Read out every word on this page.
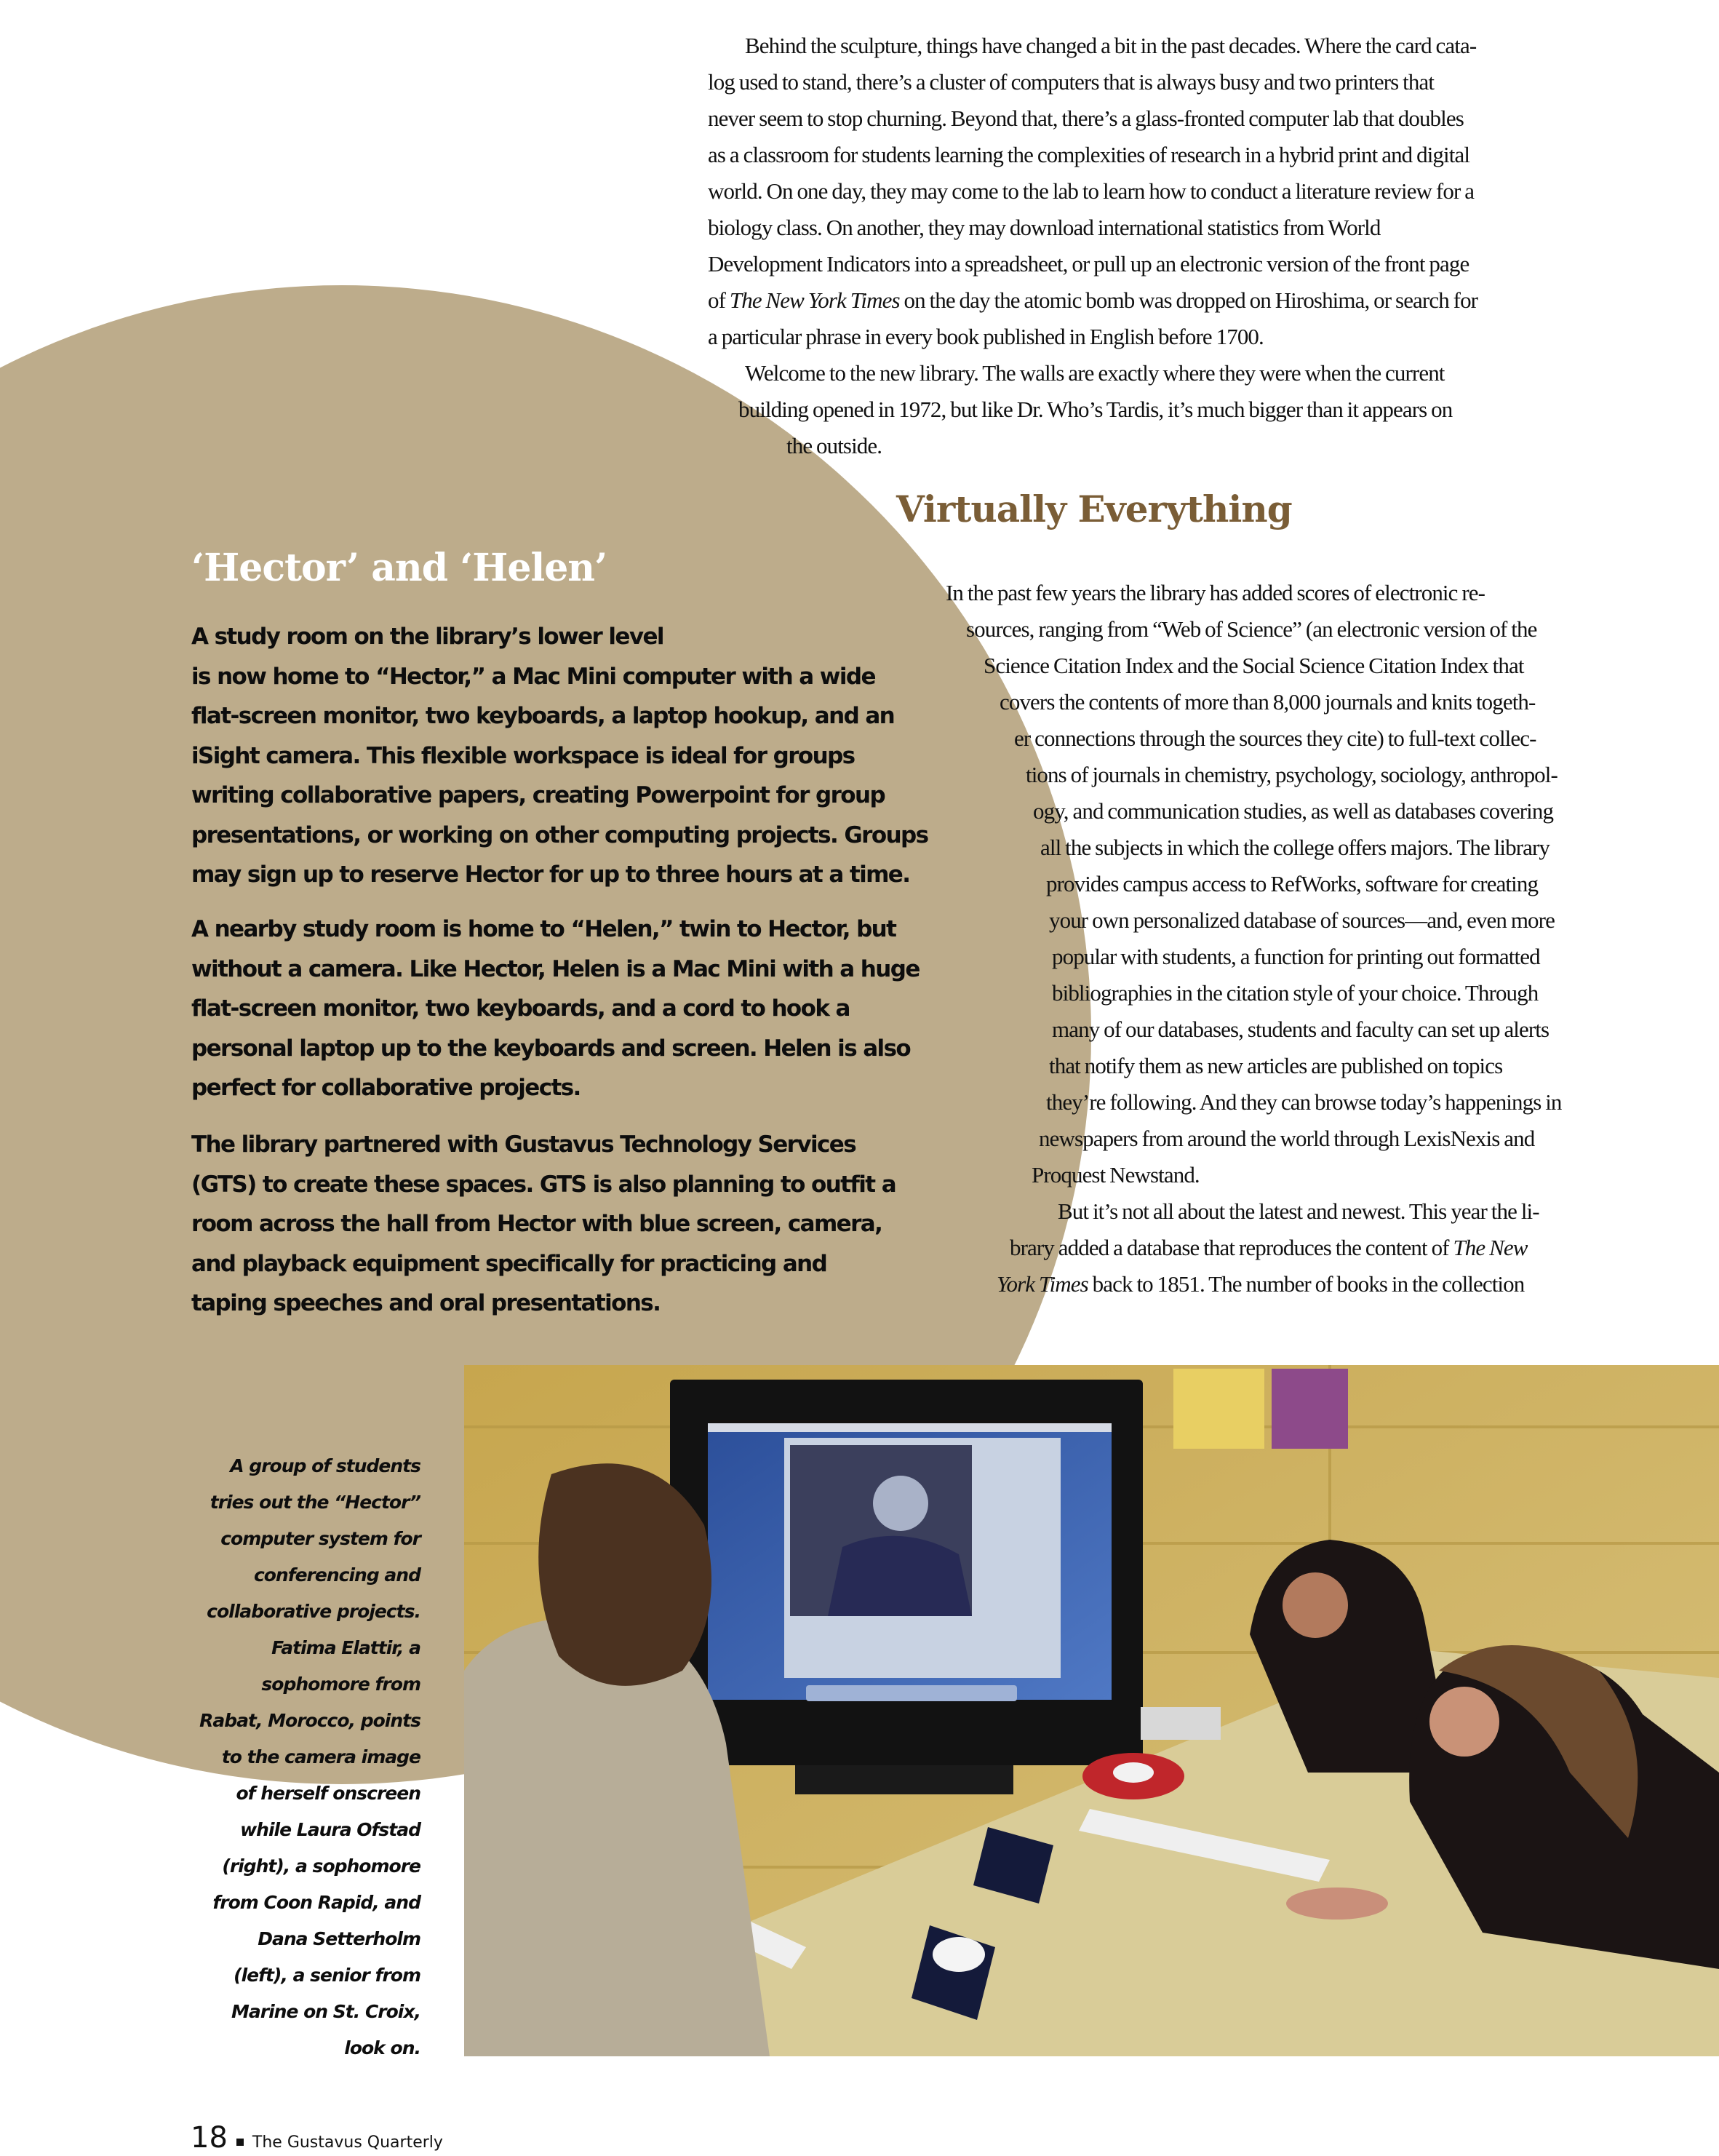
Behind the sculpture, things have changed a bit in the past decades. Where the card cata-
log used to stand, there’s a cluster of computers that is always busy and two printers that
never seem to stop churning. Beyond that, there’s a glass-fronted computer lab that doubles
as a classroom for students learning the complexities of research in a hybrid print and digital
world. On one day, they may come to the lab to learn how to conduct a literature review for a
biology class. On another, they may download international statistics from World
Development Indicators into a spreadsheet, or pull up an electronic version of the front page
of The New York Times on the day the atomic bomb was dropped on Hiroshima, or search for
a particular phrase in every book published in English before 1700.
Welcome to the new library. The walls are exactly where they were when the current
building opened in 1972, but like Dr. Who’s Tardis, it’s much bigger than it appears on
the outside.
Virtually Everything
In the past few years the library has added scores of electronic re-
sources, ranging from “Web of Science” (an electronic version of the
Science Citation Index and the Social Science Citation Index that
covers the contents of more than 8,000 journals and knits togeth-
er connections through the sources they cite) to full-text collec-
tions of journals in chemistry, psychology, sociology, anthropol-
ogy, and communication studies, as well as databases covering
all the subjects in which the college offers majors. The library
provides campus access to RefWorks, software for creating
your own personalized database of sources—and, even more
popular with students, a function for printing out formatted
bibliographies in the citation style of your choice. Through
many of our databases, students and faculty can set up alerts
that notify them as new articles are published on topics
they’re following. And they can browse today’s happenings in
newspapers from around the world through LexisNexis and
Proquest Newstand.
But it’s not all about the latest and newest. This year the li-
brary added a database that reproduces the content of The New
York Times back to 1851. The number of books in the collection
‘Hector’ and ‘Helen’
A study room on the library’s lower level
is now home to “Hector,” a Mac Mini computer with a wide
flat-screen monitor, two keyboards, a laptop hookup, and an
iSight camera. This flexible workspace is ideal for groups
writing collaborative papers, creating Powerpoint for group
presentations, or working on other computing projects. Groups
may sign up to reserve Hector for up to three hours at a time.
A nearby study room is home to “Helen,” twin to Hector, but
without a camera. Like Hector, Helen is a Mac Mini with a huge
flat-screen monitor, two keyboards, and a cord to hook a
personal laptop up to the keyboards and screen. Helen is also
perfect for collaborative projects.
The library partnered with Gustavus Technology Services
(GTS) to create these spaces. GTS is also planning to outfit a
room across the hall from Hector with blue screen, camera,
and playback equipment specifically for practicing and
taping speeches and oral presentations.
A group of students
tries out the “Hector”
computer system for
conferencing and
collaborative projects.
Fatima Elattir, a
sophomore from
Rabat, Morocco, points
to the camera image
of herself onscreen
while Laura Ofstad
(right), a sophomore
from Coon Rapid, and
Dana Setterholm
(left), a senior from
Marine on St. Croix,
look on.
18 The Gustavus Quarterly
